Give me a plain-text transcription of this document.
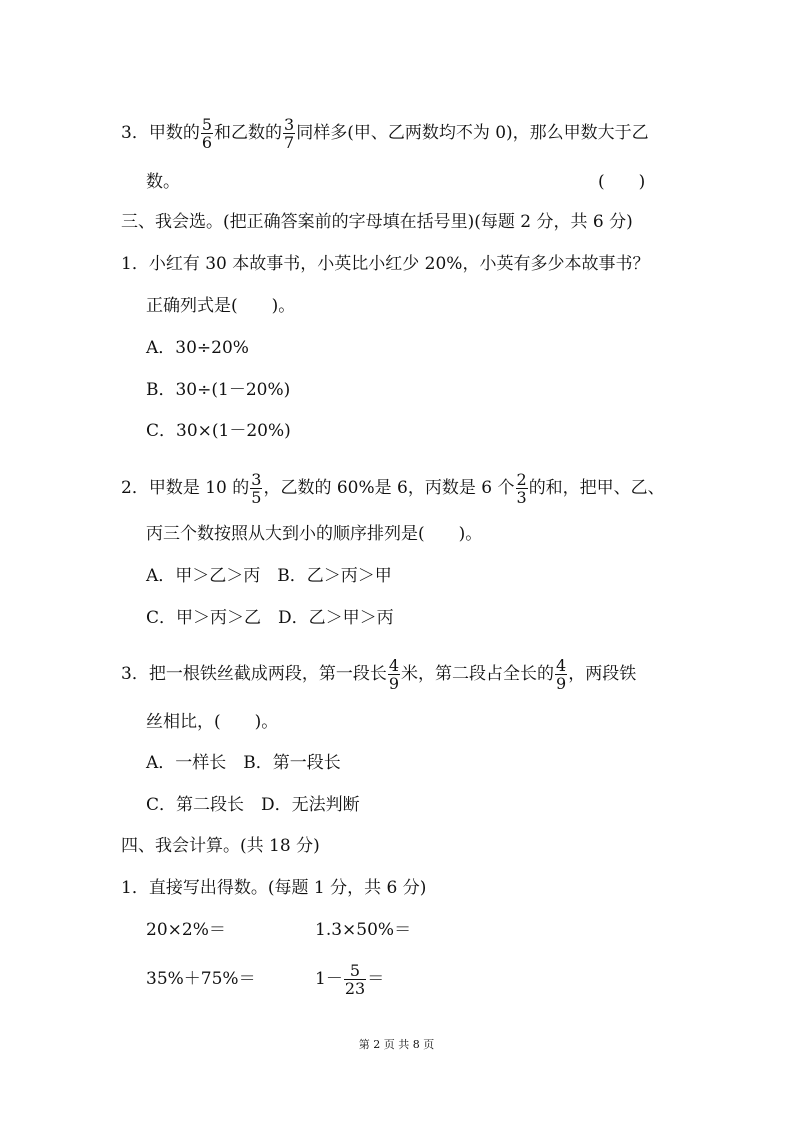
3．甲数的 $\frac{5}{6}$ 和乙数的 $\frac{3}{7}$ 同样多(甲、乙两数均不为 0)，那么甲数大于乙
数。	(　　)
三、我会选。(把正确答案前的字母填在括号里)(每题 2 分，共 6 分)
1．小红有 30 本故事书，小英比小红少 20%，小英有多少本故事书？
正确列式是(　　)。
A．30÷20%
B．30÷(1－20%)
C．30×(1－20%)
2．甲数是 10 的 $\frac{3}{5}$ ，乙数的 60%是 6，丙数是 6 个 $\frac{2}{3}$ 的和，把甲、乙、
丙三个数按照从大到小的顺序排列是(　　)。
A．甲＞乙＞丙　B．乙＞丙＞甲
C．甲＞丙＞乙　D．乙＞甲＞丙
3．把一根铁丝截成两段，第一段长 $\frac{4}{9}$ 米，第二段占全长的 $\frac{4}{9}$ ，两段铁
丝相比，(　　)。
A．一样长　B．第一段长
C．第二段长　D．无法判断
四、我会计算。(共 18 分)
1．直接写出得数。(每题 1 分，共 6 分)
20×2%＝	1.3×50%＝
35%＋75%＝	$1- \frac{5}{23}$ ＝
第 2 页 共 8 页
